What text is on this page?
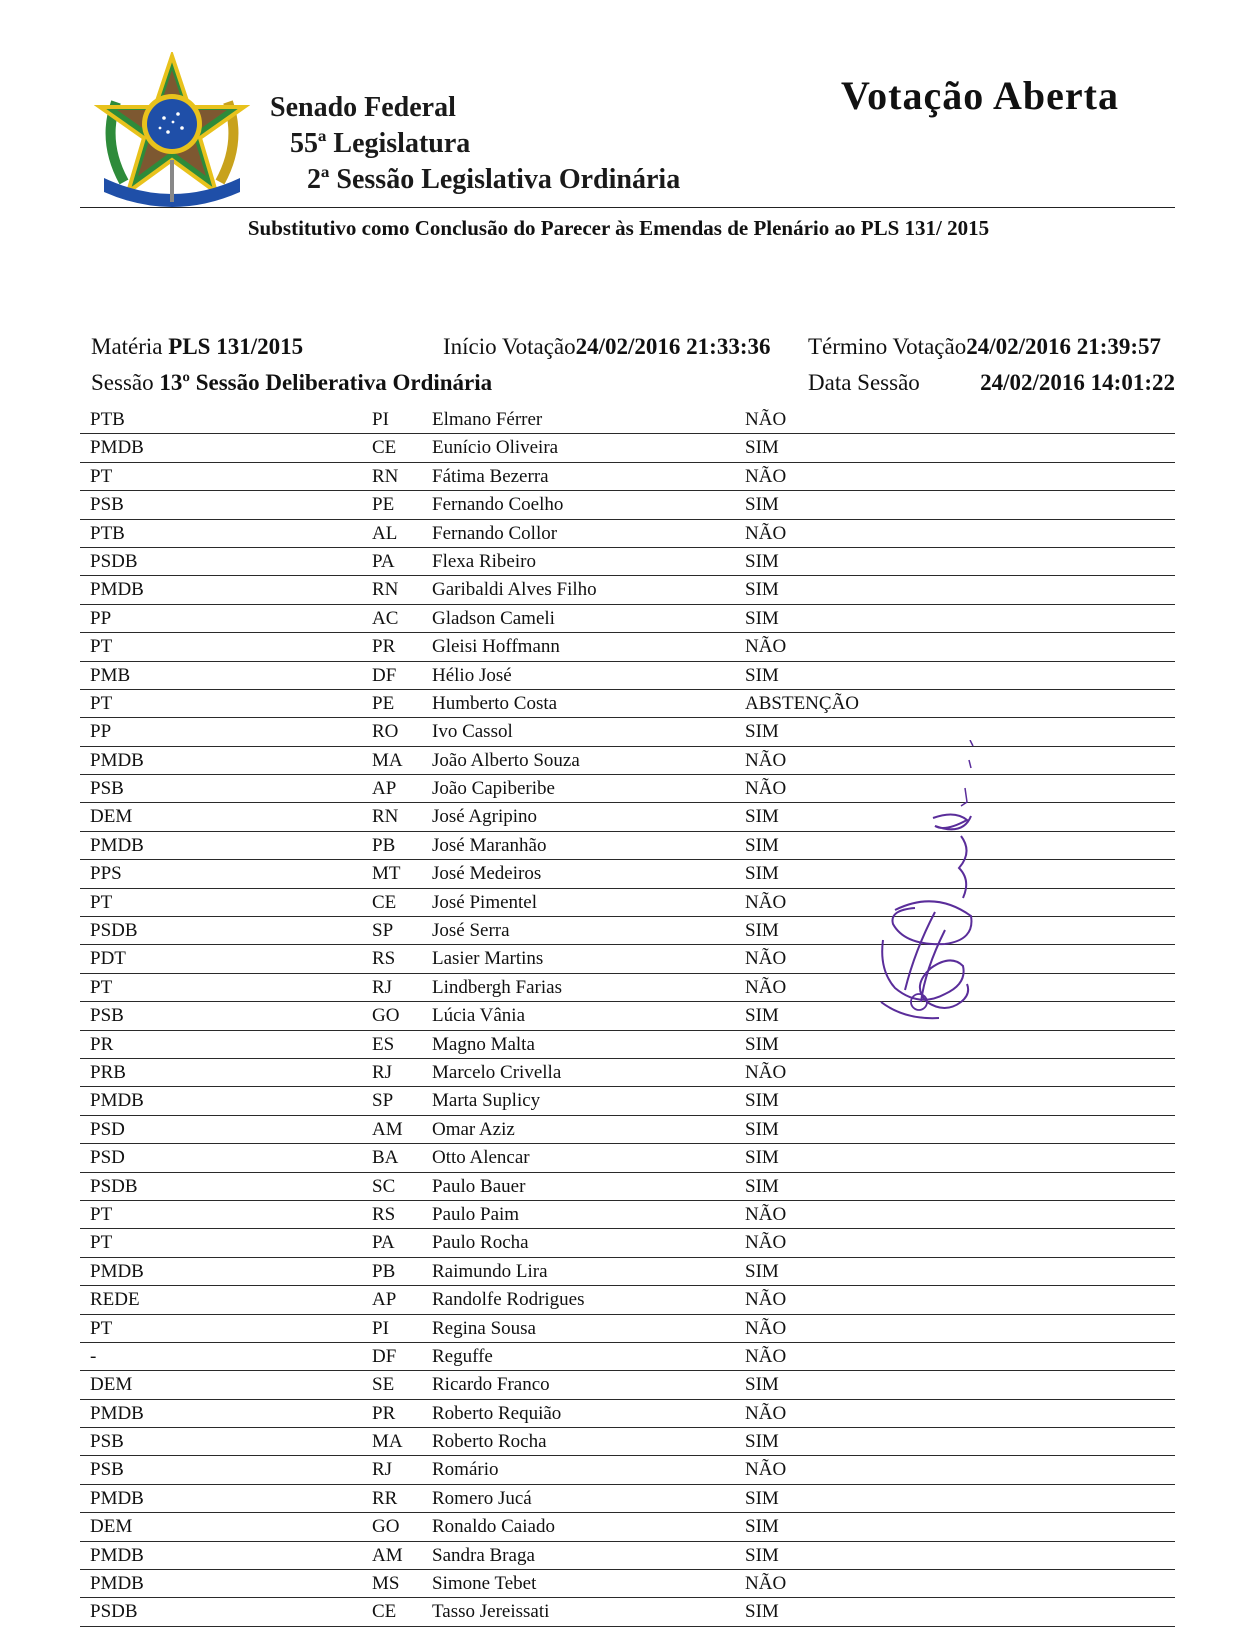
Senado Federal
55ª Legislatura
2ª Sessão Legislativa Ordinária
Votação Aberta
Substitutivo como Conclusão do Parecer às Emendas de Plenário ao PLS 131/ 2015
Matéria PLS 131/2015	Início Votação24/02/2016 21:33:36 Término Votação24/02/2016 21:39:57
Sessão 13º Sessão Deliberativa Ordinária	Data Sessão	24/02/2016 14:01:22
PTB	PI Elmano Férrer	NÃO
PMDB	CE Eunício Oliveira	SIM
PT	RN Fátima Bezerra	NÃO
PSB	PE Fernando Coelho	SIM
PTB	AL Fernando Collor	NÃO
PSDB	PA Flexa Ribeiro	SIM
PMDB	RN Garibaldi Alves Filho	SIM
PP	AC Gladson Cameli	SIM
PT	PR Gleisi Hoffmann	NÃO
PMB	DF Hélio José	SIM
PT	PE Humberto Costa	ABSTENÇÃO
PP	RO Ivo Cassol	SIM
PMDB	MA João Alberto Souza	NÃO
PSB	AP João Capiberibe	NÃO
DEM	RN José Agripino	SIM
PMDB	PB José Maranhão	SIM
PPS	MT José Medeiros	SIM
PT	CE José Pimentel	NÃO
PSDB	SP José Serra	SIM
PDT	RS Lasier Martins	NÃO
PT	RJ Lindbergh Farias	NÃO
PSB	GO Lúcia Vânia	SIM
PR	ES Magno Malta	SIM
PRB	RJ Marcelo Crivella	NÃO
PMDB	SP Marta Suplicy	SIM
PSD	AM Omar Aziz	SIM
PSD	BA Otto Alencar	SIM
PSDB	SC Paulo Bauer	SIM
PT	RS Paulo Paim	NÃO
PT	PA Paulo Rocha	NÃO
PMDB	PB Raimundo Lira	SIM
REDE	AP Randolfe Rodrigues	NÃO
PT	PI Regina Sousa	NÃO
-	DF Reguffe	NÃO
DEM	SE Ricardo Franco	SIM
PMDB	PR Roberto Requião	NÃO
PSB	MA Roberto Rocha	SIM
PSB	RJ Romário	NÃO
PMDB	RR Romero Jucá	SIM
DEM	GO Ronaldo Caiado	SIM
PMDB	AM Sandra Braga	SIM
PMDB	MS Simone Tebet	NÃO
PSDB	CE Tasso Jereissati	SIM
